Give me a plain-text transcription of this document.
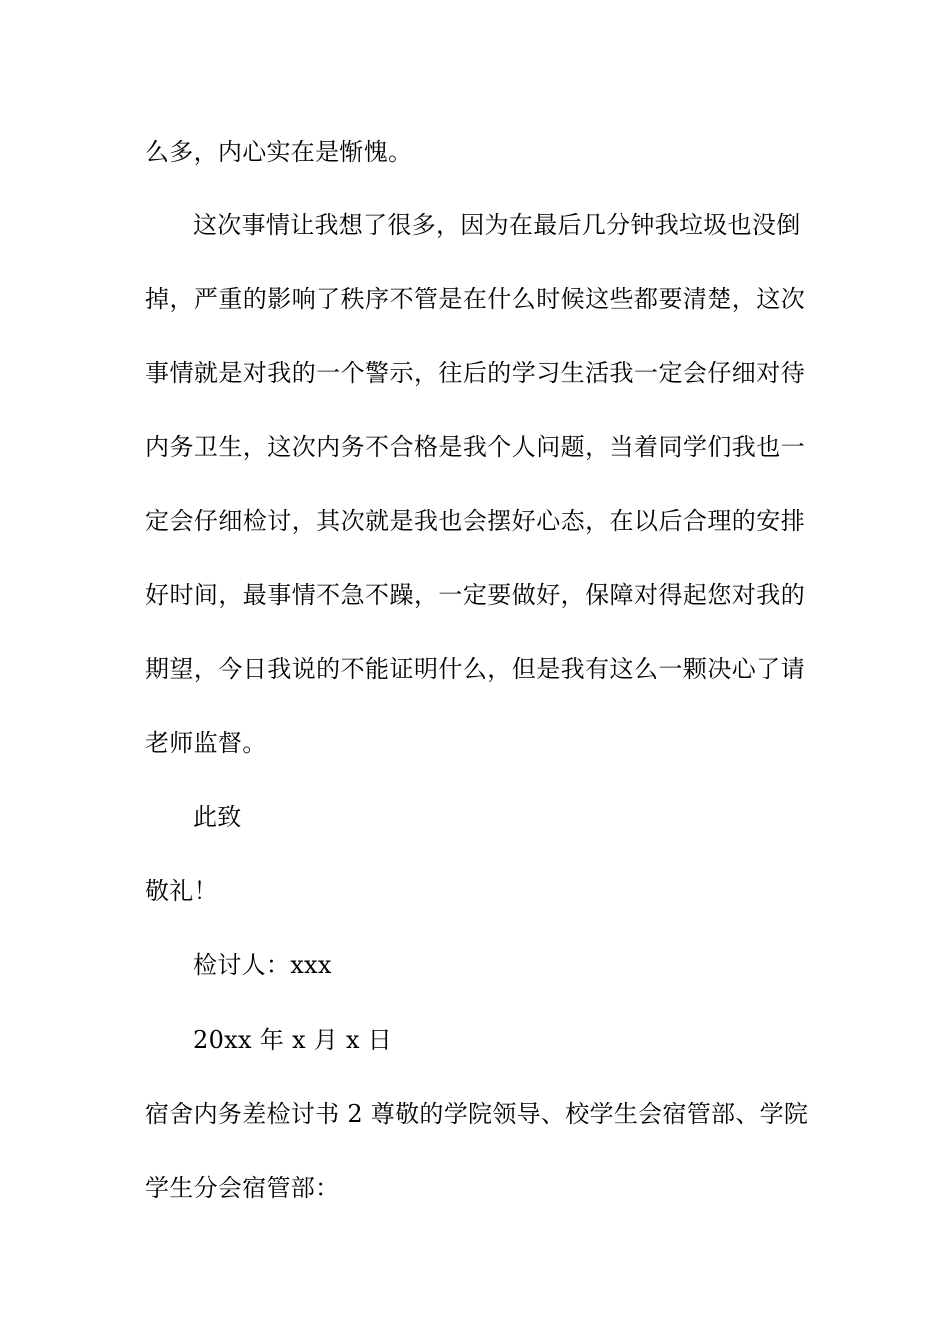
么多，内心实在是惭愧。
这次事情让我想了很多，因为在最后几分钟我垃圾也没倒
掉，严重的影响了秩序不管是在什么时候这些都要清楚，这次
事情就是对我的一个警示，往后的学习生活我一定会仔细对待
内务卫生，这次内务不合格是我个人问题，当着同学们我也一
定会仔细检讨，其次就是我也会摆好心态，在以后合理的安排
好时间，最事情不急不躁，一定要做好，保障对得起您对我的
期望，今日我说的不能证明什么，但是我有这么一颗决心了请
老师监督。
此致
敬礼！
检讨人：xxx
20xx 年 x 月 x 日
宿舍内务差检讨书 2 尊敬的学院领导、校学生会宿管部、学院
学生分会宿管部：
